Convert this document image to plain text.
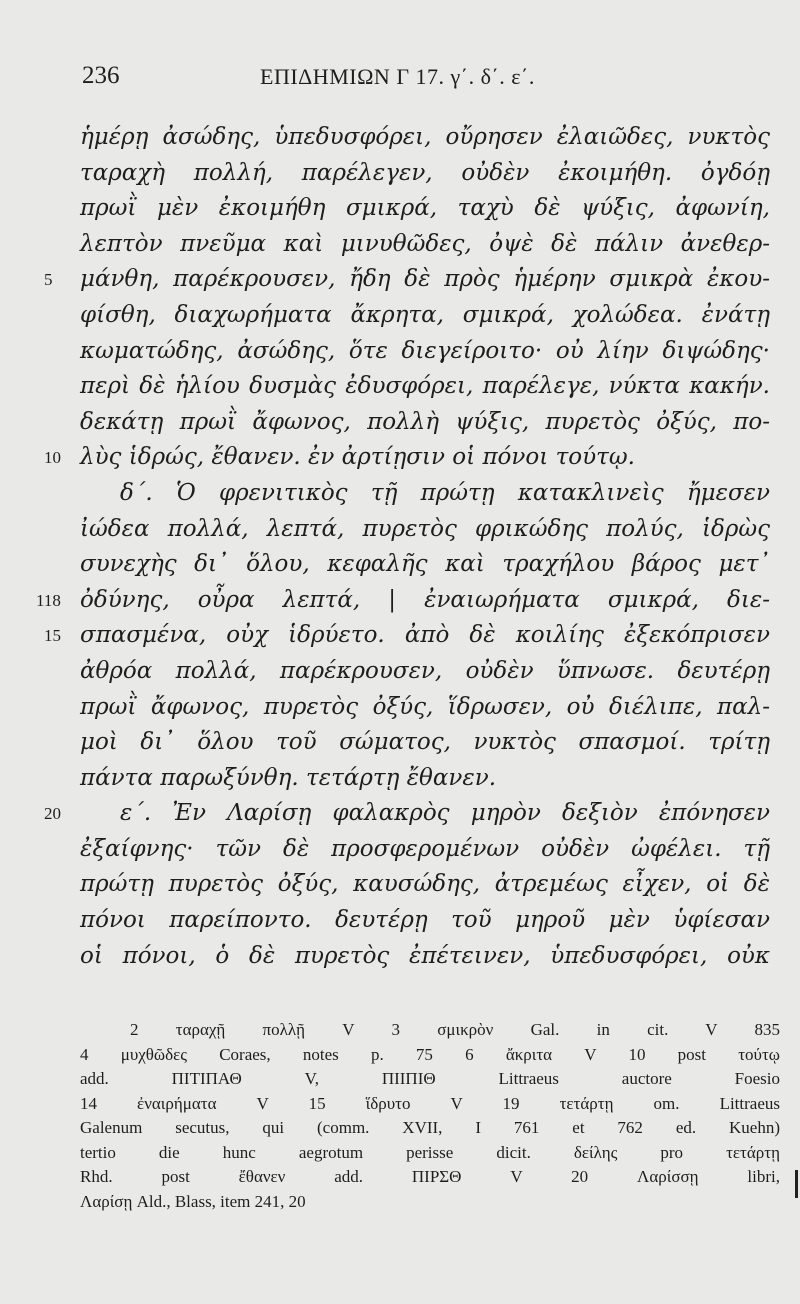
236	ΕΠΙΔΗΜΙΩΝ Γ 17. γ΄. δ΄. ε΄.
ἡμέρῃ ἀσώδης, ὑπεδυσφόρει, οὔρησεν ἐλαιῶδες, νυκτὸς
ταραχὴ πολλή, παρέλεγεν, οὐδὲν ἐκοιμήθη. ὀγδόῃ
πρωῒ μὲν ἐκοιμήθη σμικρά, ταχὺ δὲ ψύξις, ἀφωνίη,
λεπτὸν πνεῦμα καὶ μινυθῶδες, ὀψὲ δὲ πάλιν ἀνεθερ-
5	μάνθη, παρέκρουσεν, ἤδη δὲ πρὸς ἡμέρην σμικρὰ ἐκου-
φίσθη, διαχωρήματα ἄκρητα, σμικρά, χολώδεα. ἐνάτῃ
κωματώδης, ἀσώδης, ὅτε διεγείροιτο· οὐ λίην διψώδης·
περὶ δὲ ἡλίου δυσμὰς ἐδυσφόρει, παρέλεγε, νύκτα κακήν.
δεκάτῃ πρωῒ ἄφωνος, πολλὴ ψύξις, πυρετὸς ὀξύς, πο-
10 λὺς ἱδρώς, ἔθανεν. ἐν ἀρτίῃσιν οἱ πόνοι τούτῳ.
δ΄. Ὁ φρενιτικὸς τῇ πρώτῃ κατακλινεὶς ἤμεσεν
ἰώδεα πολλά, λεπτά, πυρετὸς φρικώδης πολύς, ἱδρὼς
συνεχὴς δι᾽ ὅλου, κεφαλῆς καὶ τραχήλου βάρος μετ᾽
118 ὀδύνης, οὖρα λεπτά, | ἐναιωρήματα σμικρά, διε-
15 σπασμένα, οὐχ ἱδρύετο. ἀπὸ δὲ κοιλίης ἐξεκόπρισεν
ἀθρόα πολλά, παρέκρουσεν, οὐδὲν ὕπνωσε. δευτέρῃ
πρωῒ ἄφωνος, πυρετὸς ὀξύς, ἵδρωσεν, οὐ διέλιπε, παλ-
μοὶ δι᾽ ὅλου τοῦ σώματος, νυκτὸς σπασμοί. τρίτῃ
πάντα παρωξύνθη. τετάρτῃ ἔθανεν.
20	ε΄. Ἐν Λαρίσῃ φαλακρὸς μηρὸν δεξιὸν ἐπόνησεν
ἐξαίφνης· τῶν δὲ προσφερομένων οὐδὲν ὠφέλει. τῇ
πρώτῃ πυρετὸς ὀξύς, καυσώδης, ἀτρεμέως εἶχεν, οἱ δὲ
πόνοι παρείποντο. δευτέρῃ τοῦ μηροῦ μὲν ὑφίεσαν
οἱ πόνοι, ὁ δὲ πυρετὸς ἐπέτεινεν, ὑπεδυσφόρει, οὐκ
2 ταραχῇ πολλῇ V 3 σμικρὸν Gal. in cit. V 835
4 μυχθῶδες Coraes, notes p. 75 6 ἄκριτα V 10 post τούτῳ
add. ΠΙΤΙΠΑΘ V, ΠΙΙΠΙΘ Littraeus auctore Foesio
14 ἐναιρήματα V 15 ἵδρυτο V 19 τετάρτῃ om. Littraeus
Galenum secutus, qui (comm. XVII, I 761 et 762 ed. Kuehn)
tertio die hunc aegrotum perisse dicit. δείλης pro τετάρτῃ
Rhd. post ἔθανεν add. ΠΙΡΣΘ V 20 Λαρίσσῃ libri,
Λαρίσῃ Ald., Blass, item 241, 20
